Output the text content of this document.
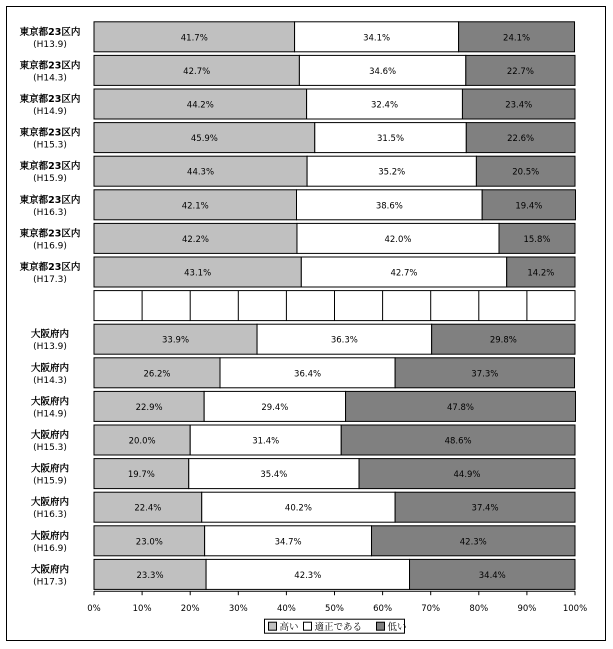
東京都23区内
(H13.9)
41.7%	34.1%	24.1%
東京都23区内
(H14.3)
42.7%	34.6%	22.7%
東京都23区内
(H14.9)
44.2%	32.4%	23.4%
東京都23区内
(H15.3)
45.9%	31.5%	22.6%
東京都23区内
(H15.9)
44.3%	35.2%	20.5%
東京都23区内
(H16.3)
42.1%	38.6%	19.4%
東京都23区内
(H16.9)
42.2%	42.0%	15.8%
東京都23区内
(H17.3)
43.1%	42.7%	14.2%
大阪府内
(H13.9)
33.9%	36.3%	29.8%
大阪府内
(H14.3)
26.2%	36.4%	37.3%
大阪府内
(H14.9)
22.9%	29.4%	47.8%
大阪府内
(H15.3)
20.0%	31.4%	48.6%
大阪府内
(H15.9)
19.7%	35.4%	44.9%
大阪府内
(H16.3)
22.4%	40.2%	37.4%
大阪府内
(H16.9)
23.0%	34.7%	42.3%
大阪府内
(H17.3)
23.3%	42.3%	34.4%
0%	10%	20%	30%	40%	50%	60%	70%	80%	90%	100%
高い 適正である	低い
